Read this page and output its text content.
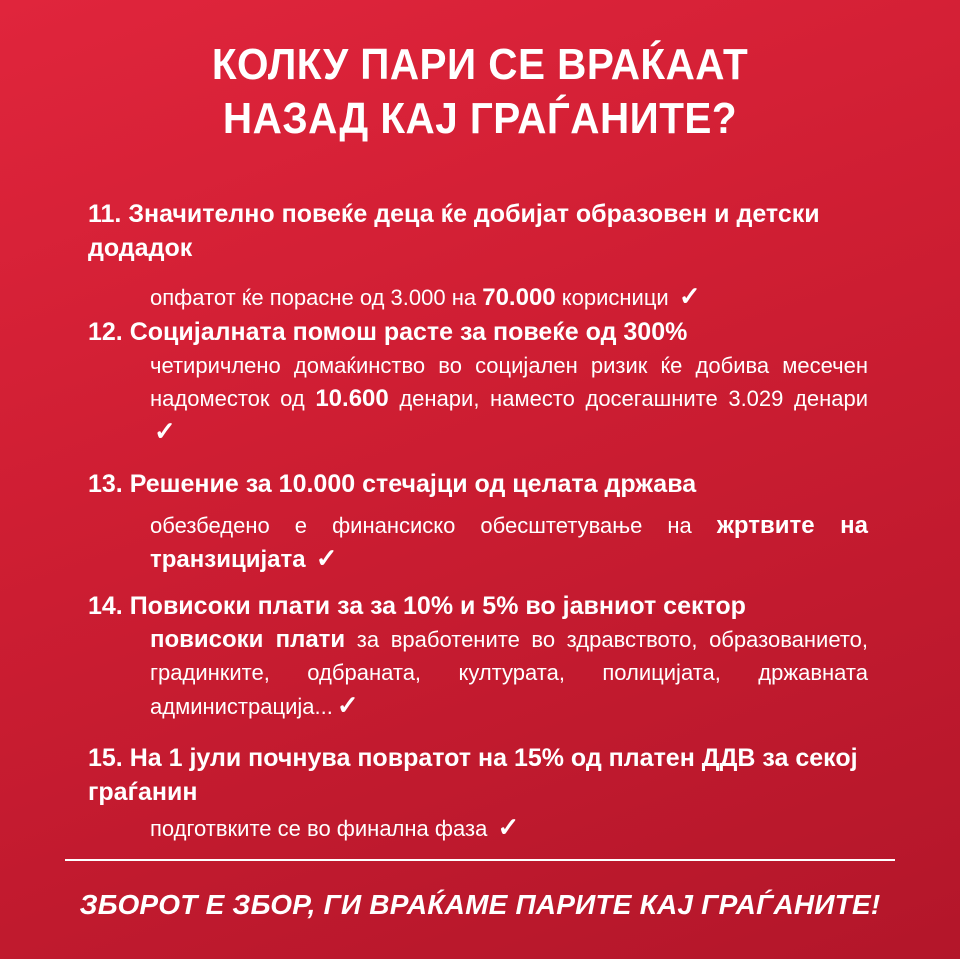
КОЛКУ ПАРИ СЕ ВРАЌААТ
НАЗАД КАЈ ГРАЃАНИТЕ?
11. Значително повеќе деца ќе добијат образовен и детски додадок
опфатот ќе порасне од 3.000 на 70.000 корисници ✓
12. Социјалната помош расте за повеќе од 300%
четиричлено домаќинство во социјален ризик ќе добива месечен надоместок од 10.600 денари, наместо досегашните 3.029 денари ✓
13. Решение за 10.000 стечајци од целата држава
обезбедено е финансиско обесштетување на жртвите на транзицијата ✓
14. Повисоки плати за за 10% и 5% во јавниот сектор
повисоки плати за вработените во здравството, образованието, градинките, одбраната, културата, полицијата, државната администрација... ✓
15. На 1 јули почнува повратот на 15% од платен ДДВ за секој граѓанин
подготвките се во финална фаза ✓
ЗБОРОТ Е ЗБОР, ГИ ВРАЌАМЕ ПАРИТЕ КАЈ ГРАЃАНИТЕ!
